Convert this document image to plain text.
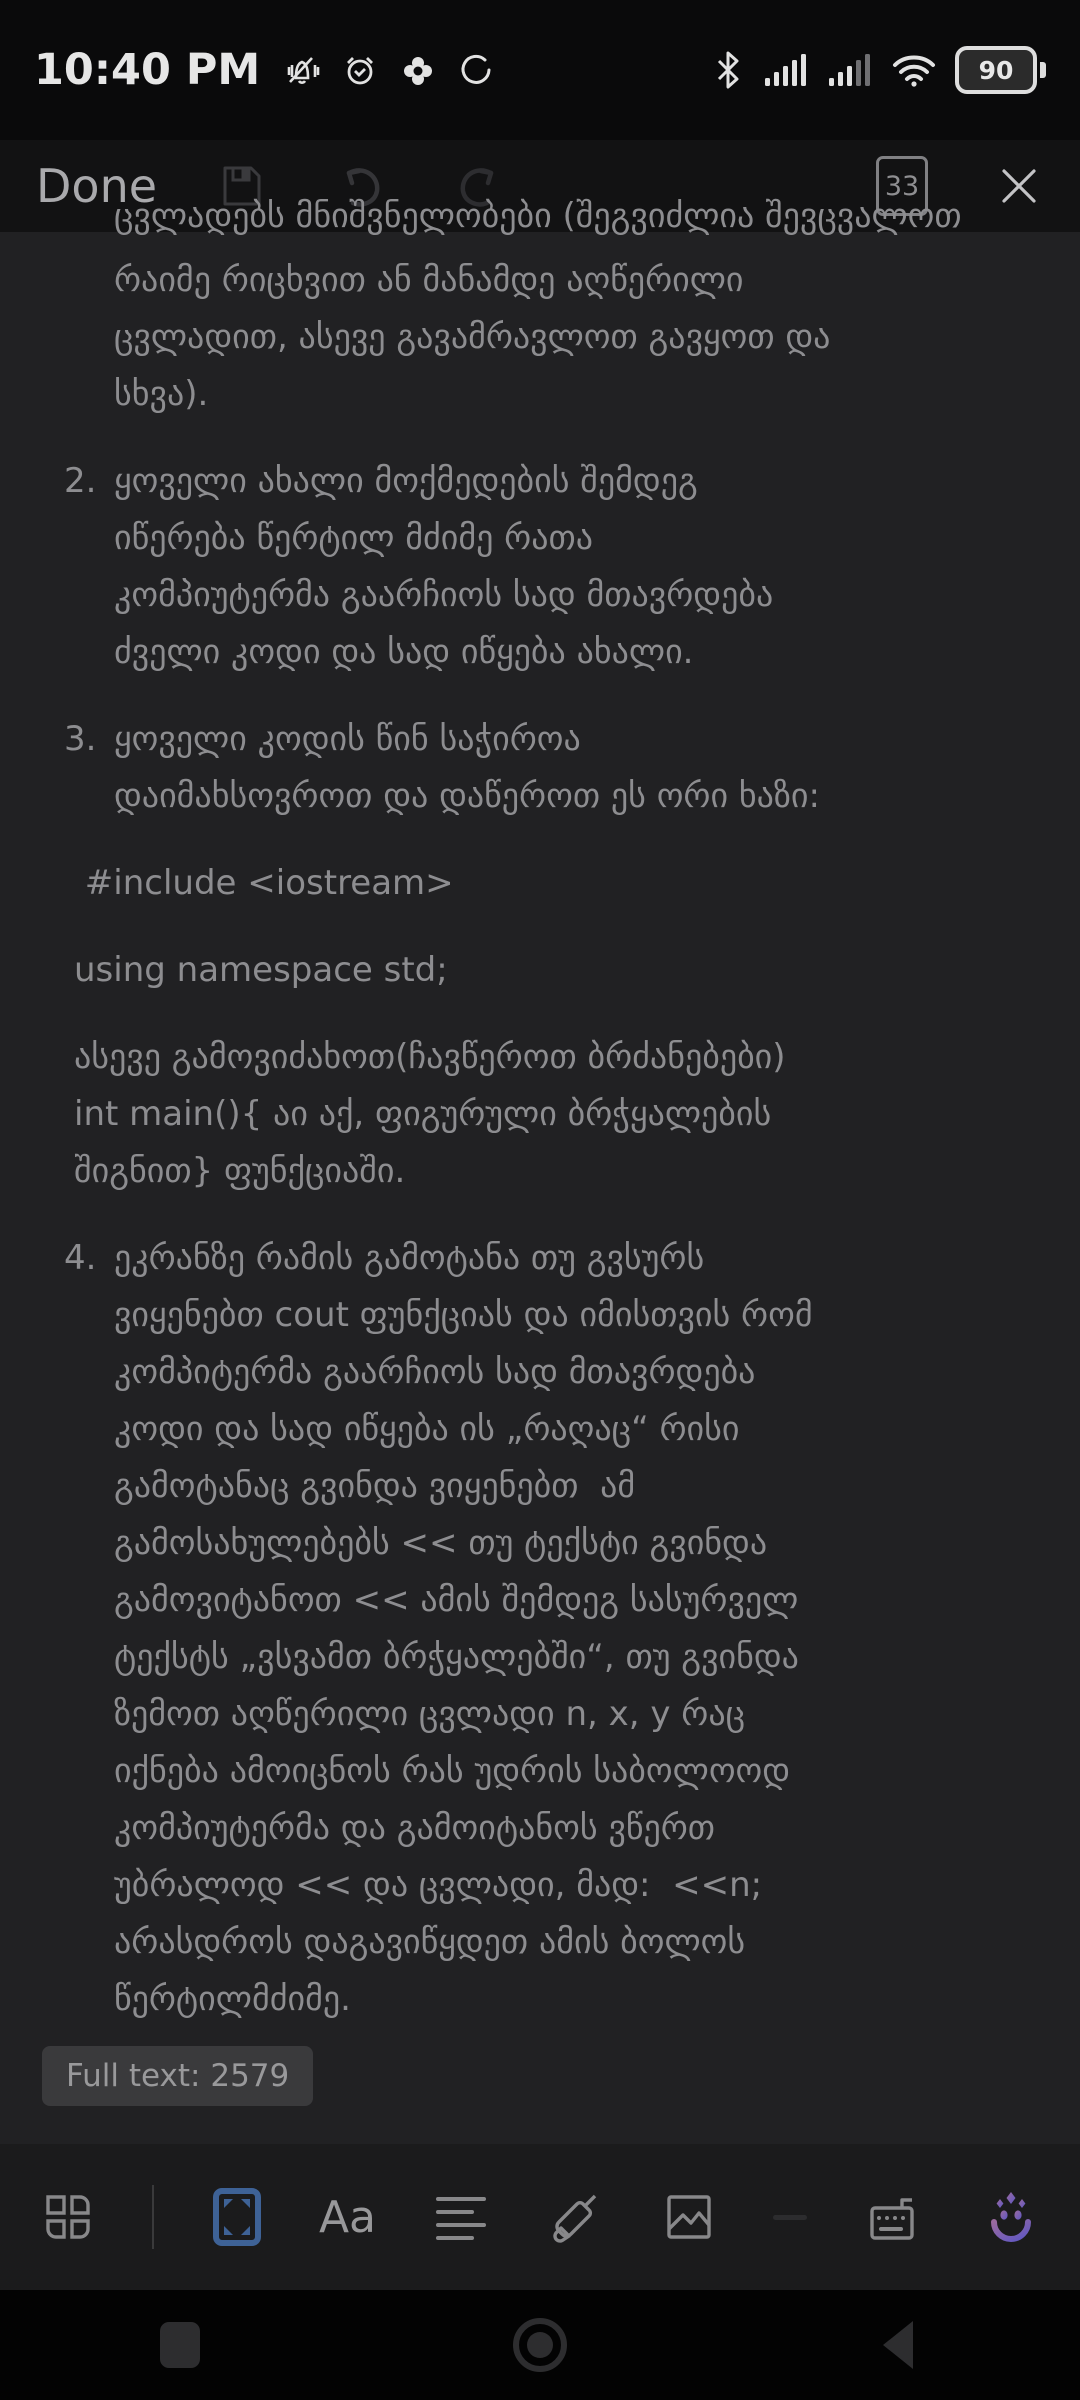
10:40 PM	90
Done	33
ცვლადებს მნიშვნელობები (შეგვიძლია შევცვალოთ
რაიმე რიცხვით ან მანამდე აღწერილი
ცვლადით, ასევე გავამრავლოთ გავყოთ და
სხვა).
2. ყოველი ახალი მოქმედების შემდეგ
იწერება წერტილ მძიმე რათა
კომპიუტერმა გაარჩიოს სად მთავრდება
ძველი კოდი და სად იწყება ახალი.
3. ყოველი კოდის წინ საჭიროა
დაიმახსოვროთ და დაწეროთ ეს ორი ხაზი:
#include <iostream>
using namespace std;
ასევე გამოვიძახოთ(ჩავწეროთ ბრძანებები)
int main(){ აი აქ, ფიგურული ბრჭყალების
შიგნით} ფუნქციაში.
4. ეკრანზე რამის გამოტანა თუ გვსურს
ვიყენებთ cout ფუნქციას და იმისთვის რომ
კომპიტერმა გაარჩიოს სად მთავრდება
კოდი და სად იწყება ის „რაღაც“ რისი
გამოტანაც გვინდა ვიყენებთ  ამ
გამოსახულებებს << თუ ტექსტი გვინდა
გამოვიტანოთ << ამის შემდეგ სასურველ
ტექსტს „ვსვამთ ბრჭყალებში“, თუ გვინდა
ზემოთ აღწერილი ცვლადი n, x, y რაც
იქნება ამოიცნოს რას უდრის საბოლოოდ
კომპიუტერმა და გამოიტანოს ვწერთ
უბრალოდ << და ცვლადი, მად:  <<n;
არასდროს დაგავიწყდეთ ამის ბოლოს
წერტილმძიმე.
Full text: 2579
Aa
